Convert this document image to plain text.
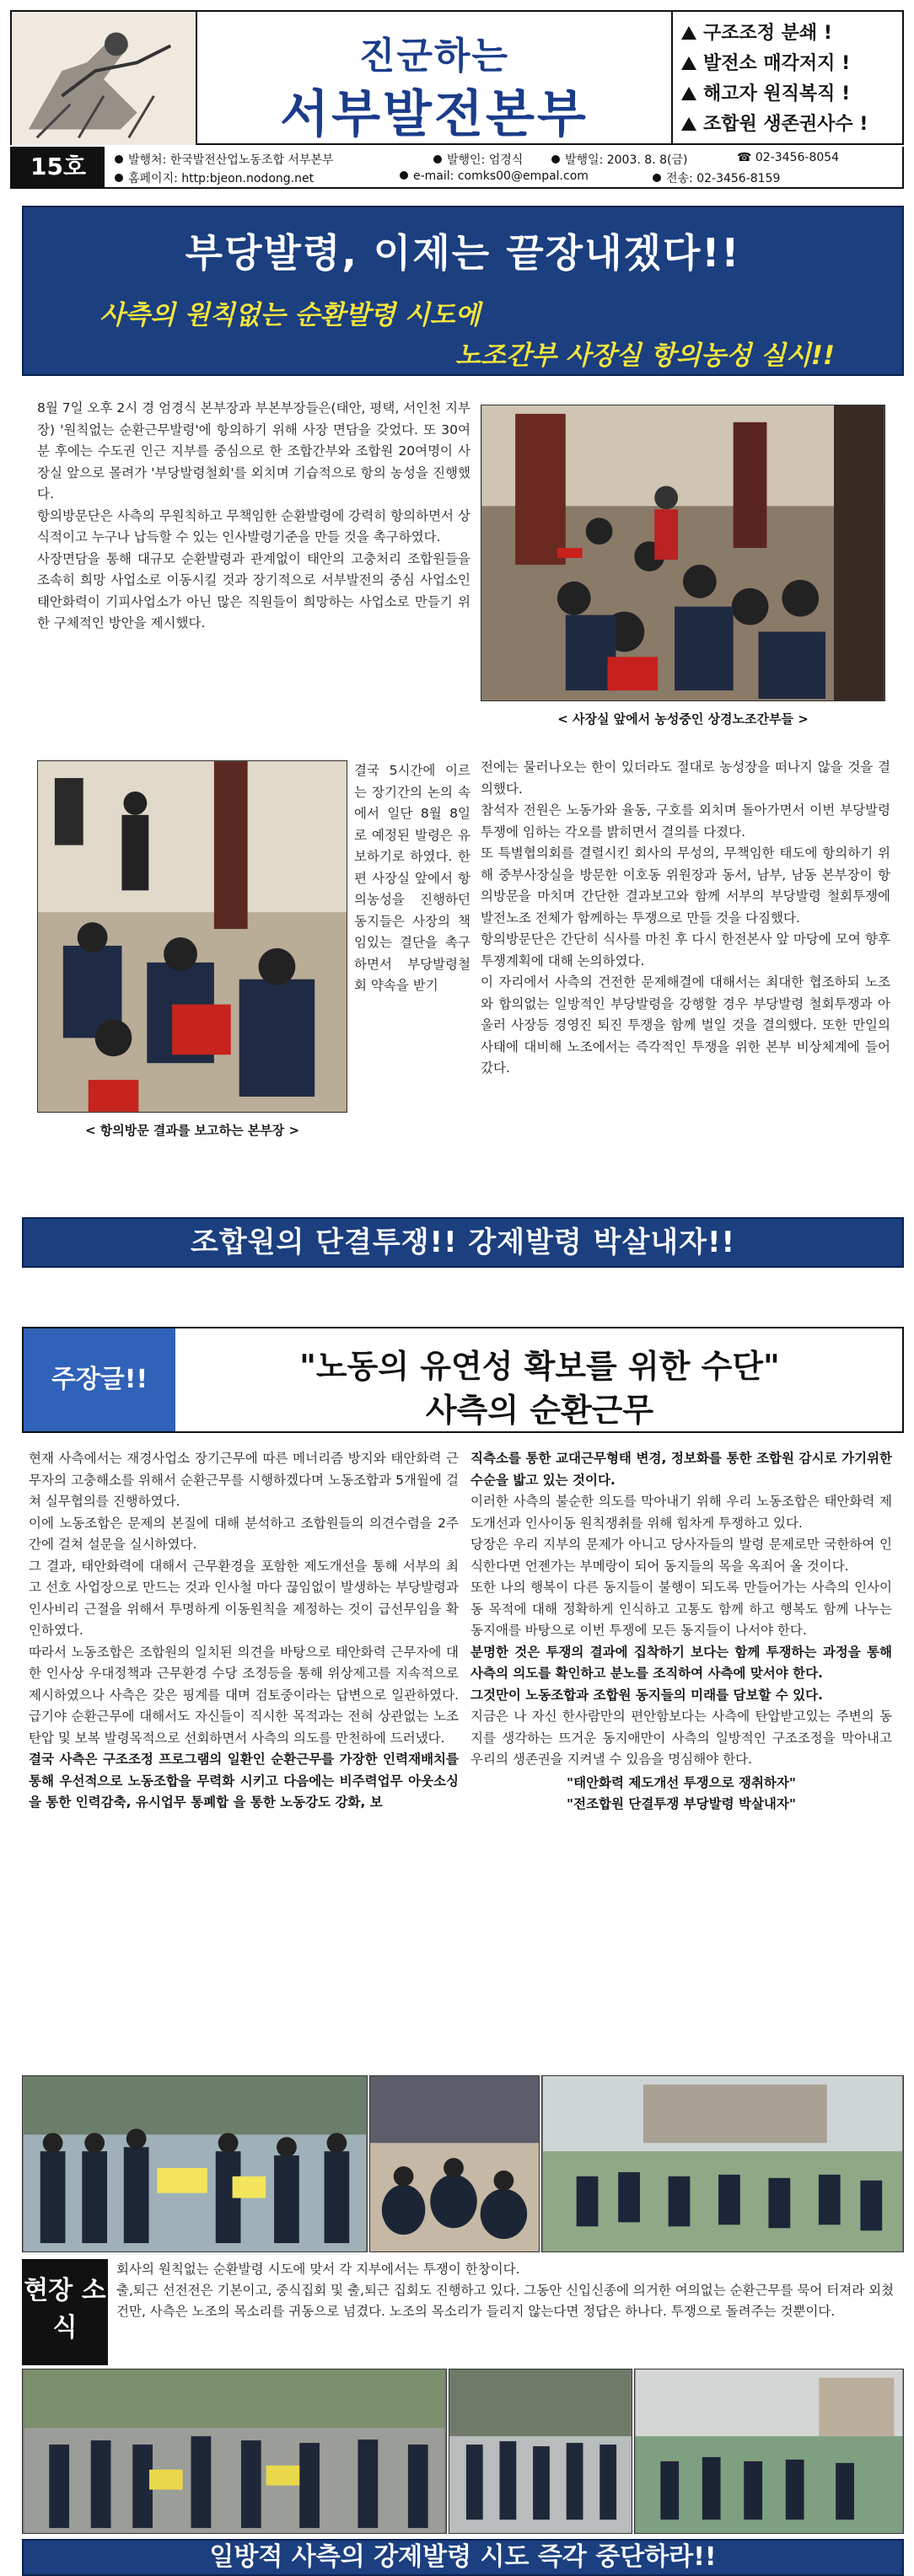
진군하는
서부발전본부
구조조정 분쇄 !
발전소 매각저지 !
해고자 원직복직 !
조합원 생존권사수 !
15호	발행처: 한국발전산업노동조합 서부본부	발행인: 엄경식	발행일: 2003. 8. 8(금)	☎ 02-3456-8054
홈페이지: http:bjeon.nodong.net	e-mail: comks00@empal.com	전송: 02-3456-8159
부당발령, 이제는 끝장내겠다!!
사측의 원칙없는 순환발령 시도에
노조간부 사장실 항의농성 실시!!
8월 7일 오후 2시 경 엄경식 본부장과 부본부장들은(태안, 평택, 서인천 지부장) '원칙없는 순환근무발령'에 항의하기 위해 사장 면담을 갖었다. 또 30여분 후에는 수도권 인근 지부를 중심으로 한 조합간부와 조합원 20여명이 사장실 앞으로 몰려가 '부당발령철회'를 외치며 기습적으로 항의 농성을 진행했다.
항의방문단은 사측의 무원칙하고 무책임한 순환발령에 강력히 항의하면서 상식적이고 누구나 납득할 수 있는 인사발령기준을 만들 것을 촉구하였다.
사장면담을 통해 대규모 순환발령과 관계없이 태안의 고충처리 조합원들을 조속히 희망 사업소로 이동시킬 것과 장기적으로 서부발전의 중심 사업소인 태안화력이 기피사업소가 아닌 많은 직원들이 희망하는 사업소로 만들기 위한 구체적인 방안을 제시했다.
< 사장실 앞에서 농성중인 상경노조간부들 >
< 항의방문 결과를 보고하는 본부장 >
결국 5시간에 이르는 장기간의 논의 속에서 일단 8월 8일로 예정된 발령은 유보하기로 하였다. 한편 사장실 앞에서 항의농성을 진행하던 동지들은 사장의 책임있는 결단을 촉구하면서 부당발령철회 약속을 받기
전에는 물러나오는 한이 있더라도 절대로 농성장을 떠나지 않을 것을 결의했다.
참석자 전원은 노동가와 율동, 구호를 외치며 돌아가면서 이번 부당발령 투쟁에 임하는 각오를 밝히면서 결의를 다졌다.
또 특별협의회를 결렬시킨 회사의 무성의, 무책임한 태도에 항의하기 위해 중부사장실을 방문한 이호동 위원장과 동서, 남부, 남동 본부장이 항의방문을 마치며 간단한 결과보고와 함께 서부의 부당발령 철회투쟁에 발전노조 전체가 함께하는 투쟁으로 만들 것을 다짐했다.
항의방문단은 간단히 식사를 마친 후 다시 한전본사 앞 마당에 모여 향후 투쟁계획에 대해 논의하였다.
이 자리에서 사측의 건전한 문제해결에 대해서는 최대한 협조하되 노조와 합의없는 일방적인 부당발령을 강행할 경우 부당발령 철회투쟁과 아울러 사장등 경영진 퇴진 투쟁을 함께 벌일 것을 결의했다. 또한 만일의 사태에 대비해 노조에서는 즉각적인 투쟁을 위한 본부 비상체계에 들어갔다.
조합원의 단결투쟁!! 강제발령 박살내자!!
주장글!!	"노동의 유연성 확보를 위한 수단"
사측의 순환근무
현재 사측에서는 재경사업소 장기근무에 따른 메너리즘 방지와 태안화력 근무자의 고충해소를 위해서 순환근무를 시행하겠다며 노동조합과 5개월에 걸쳐 실무협의를 진행하였다.
이에 노동조합은 문제의 본질에 대해 분석하고 조합원들의 의견수렴을 2주간에 걸쳐 설문을 실시하였다.
그 결과, 태안화력에 대해서 근무환경을 포함한 제도개선을 통해 서부의 최고 선호 사업장으로 만드는 것과 인사철 마다 끊임없이 발생하는 부당발령과 인사비리 근절을 위해서 투명하게 이동원칙을 제정하는 것이 급선무임을 확인하였다.
따라서 노동조합은 조합원의 일치된 의견을 바탕으로 태안화력 근무자에 대한 인사상 우대정책과 근무환경 수당 조정등을 통해 위상제고를 지속적으로 제시하였으나 사측은 갖은 핑계를 대며 검토중이라는 답변으로 일관하였다. 급기야 순환근무에 대해서도 자신들이 직시한 목적과는 전혀 상관없는 노조탄압 및 보복 발령목적으로 선회하면서 사측의 의도를 만천하에 드러냈다.
결국 사측은 구조조정 프로그램의 일환인 순환근무를 가장한 인력재배치를 통해 우선적으로 노동조합을 무력화 시키고 다음에는 비주력업무 아웃소싱을 통한 인력감축, 유시업무 통폐합 을 통한 노동강도 강화, 보
직측소를 통한 교대근무형태 변경, 정보화를 통한 조합원 감시로 가기위한 수순을 밟고 있는 것이다.
이러한 사측의 불순한 의도를 막아내기 위해 우리 노동조합은 태안화력 제도개선과 인사이동 원칙쟁취를 위해 힘차게 투쟁하고 있다.
당장은 우리 지부의 문제가 아니고 당사자들의 발령 문제로만 국한하여 인식한다면 언젠가는 부메랑이 되어 동지들의 목을 옥죄어 올 것이다.
또한 나의 행복이 다른 동지들이 불행이 되도록 만들어가는 사측의 인사이동 목적에 대해 정확하게 인식하고 고통도 함께 하고 행복도 함께 나누는 동지애를 바탕으로 이번 투쟁에 모든 동지들이 나서야 한다.
분명한 것은 투쟁의 결과에 집착하기 보다는 함께 투쟁하는 과정을 통해 사측의 의도를 확인하고 분노를 조직하여 사측에 맞서야 한다.
그것만이 노동조합과 조합원 동지들의 미래를 담보할 수 있다.
지금은 나 자신 한사람만의 편안함보다는 사측에 탄압받고있는 주변의 동지를 생각하는 뜨거운 동지애만이 사측의 일방적인 구조조정을 막아내고 우리의 생존권을 지켜낼 수 있음을 명심해야 한다.
"태안화력 제도개선 투쟁으로 쟁취하자"
"전조합원 단결투쟁 부당발령 박살내자"
현장 소식
회사의 원칙없는 순환발령 시도에 맞서 각 지부에서는 투쟁이 한창이다.
출,퇴근 선전전은 기본이고, 중식집회 및 출,퇴근 집회도 진행하고 있다. 그동안 신입신종에 의거한 여의없는 순환근무를 묵어 터져라 외쳤건만, 사측은 노조의 목소리를 귀동으로 넘겼다. 노조의 목소리가 들리지 않는다면 정답은 하나다. 투쟁으로 돌려주는 것뿐이다.
일방적 사측의 강제발령 시도 즉각 중단하라!!
